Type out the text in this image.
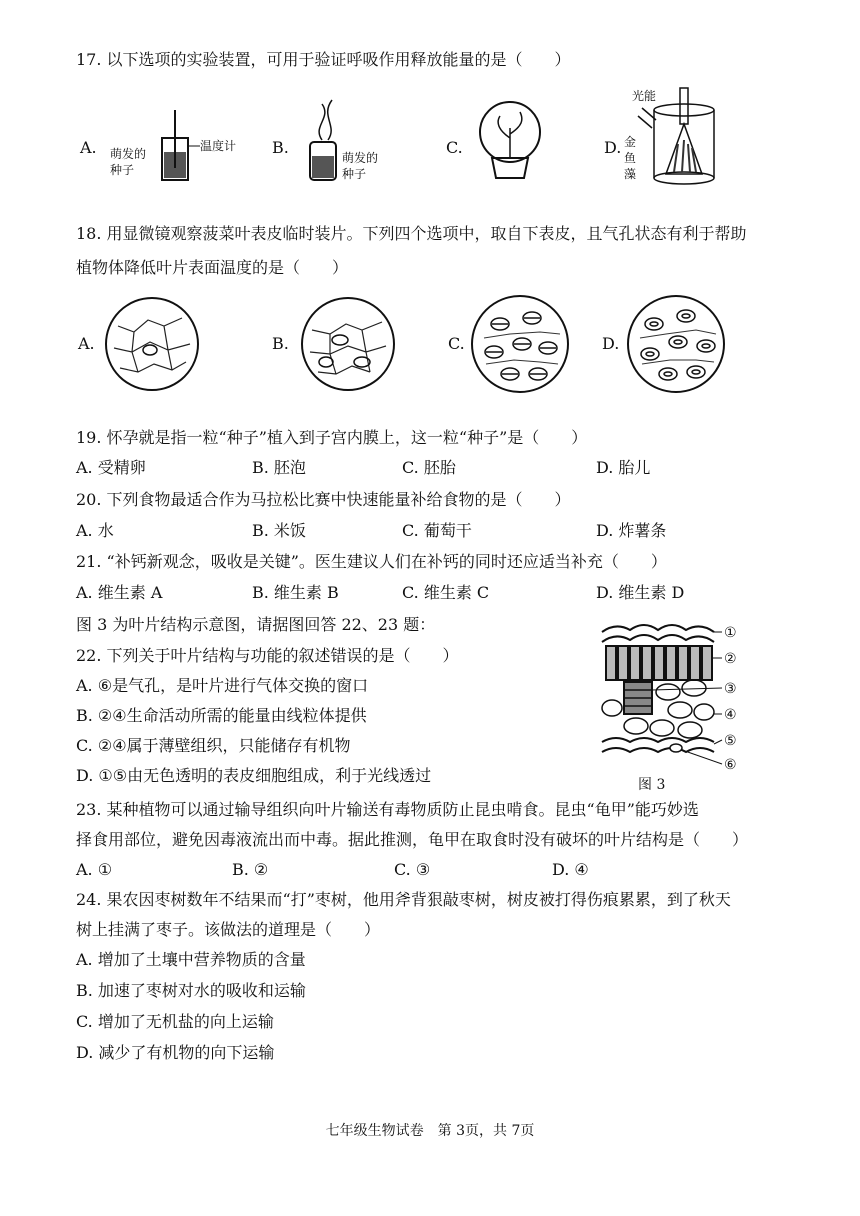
17. 以下选项的实验装置，可用于验证呼吸作用释放能量的是（　　）
A. 萌发的
种子
温度计 B.
萌发的
种子
C.	D.
光能
金
鱼
藻
18. 用显微镜观察菠菜叶表皮临时装片。下列四个选项中，取自下表皮，且气孔状态有利于帮助
植物体降低叶片表面温度的是（　　）
A.	B.	C.	D.
19. 怀孕就是指一粒“种子”植入到子宫内膜上，这一粒“种子”是（　　）
A. 受精卵	B. 胚泡	C. 胚胎	D. 胎儿
20. 下列食物最适合作为马拉松比赛中快速能量补给食物的是（　　）
A. 水	B. 米饭	C. 葡萄干	D. 炸薯条
21. “补钙新观念，吸收是关键”。医生建议人们在补钙的同时还应适当补充（　　）
A. 维生素 A	B. 维生素 B	C. 维生素 C	D. 维生素 D
图 3 为叶片结构示意图，请据图回答 22、23 题：
22. 下列关于叶片结构与功能的叙述错误的是（　　）
A. ⑥是气孔，是叶片进行气体交换的窗口
B. ②④生命活动所需的能量由线粒体提供
C. ②④属于薄壁组织，只能储存有机物
D. ①⑤由无色透明的表皮细胞组成，利于光线透过
①
②
③
④
⑤
⑥
图 3
23. 某种植物可以通过输导组织向叶片输送有毒物质防止昆虫啃食。昆虫“龟甲”能巧妙选
择食用部位，避免因毒液流出而中毒。据此推测，龟甲在取食时没有破坏的叶片结构是（　　）
A. ①	B. ②	C. ③	D. ④
24. 果农因枣树数年不结果而“打”枣树，他用斧背狠敲枣树，树皮被打得伤痕累累，到了秋天
树上挂满了枣子。该做法的道理是（　　）
A. 增加了土壤中营养物质的含量
B. 加速了枣树对水的吸收和运输
C. 增加了无机盐的向上运输
D. 减少了有机物的向下运输
七年级生物试卷　第 3页，共 7页
